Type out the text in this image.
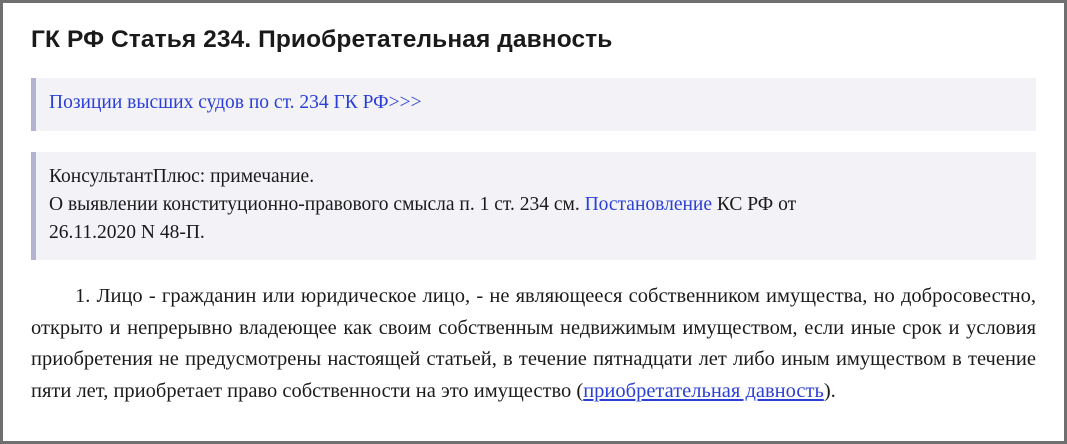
ГК РФ Статья 234. Приобретательная давность
Позиции высших судов по ст. 234 ГК РФ>>>
КонсультантПлюс: примечание.
О выявлении конституционно-правового смысла п. 1 ст. 234 см. Постановление КС РФ от
26.11.2020 N 48-П.

1. Лицо - гражданин или юридическое лицо, - не являющееся собственником имущества, но добросовестно, открыто и непрерывно владеющее как своим собственным недвижимым имуществом, если иные срок и условия приобретения не предусмотрены настоящей статьей, в течение пятнадцати лет либо иным имуществом в течение пяти лет, приобретает право собственности на это имущество (приобретательная давность).
